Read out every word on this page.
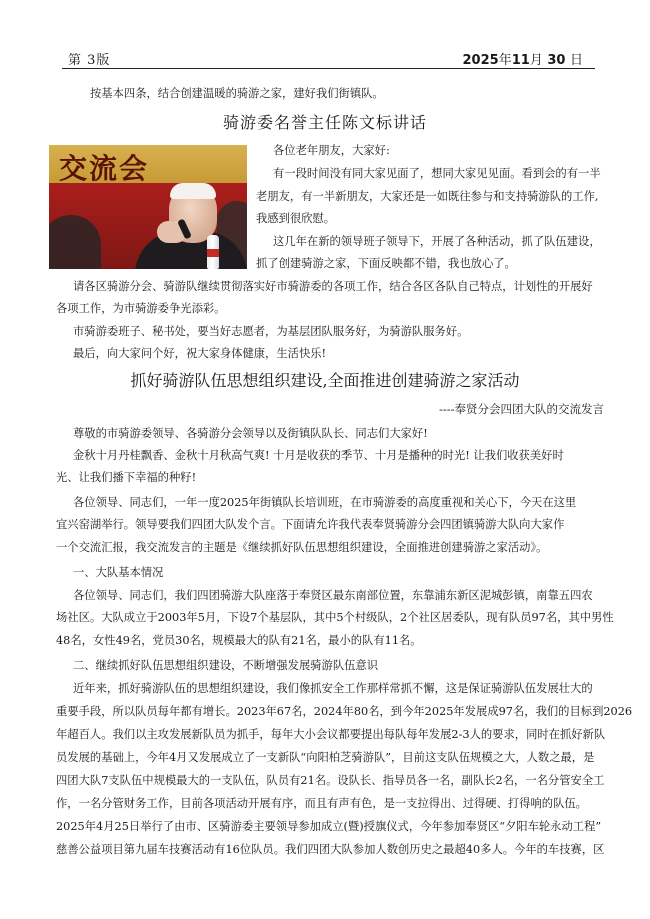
第 3版	2025年11月 30 日
按基本四条，结合创建温暖的骑游之家，建好我们街镇队。
骑游委名誉主任陈文标讲话
交流会
各位老年朋友，大家好:
有一段时间没有同大家见面了，想同大家见见面。看到会的有一半
老朋友，有一半新朋友，大家还是一如既往参与和支持骑游队的工作,
我感到很欣慰。
这几年在新的领导班子领导下，开展了各种活动，抓了队伍建设，
抓了创建骑游之家，下面反映都不错，我也放心了。
请各区骑游分会、骑游队继续贯彻落实好市骑游委的各项工作，结合各区各队自己特点，计划性的开展好
各项工作，为市骑游委争光添彩。
市骑游委班子、秘书处，要当好志愿者，为基层团队服务好，为骑游队服务好。
最后，向大家问个好，祝大家身体健康，生活快乐!
抓好骑游队伍思想组织建设,全面推进创建骑游之家活动
----奉贤分会四团大队的交流发言
尊敬的市骑游委领导、各骑游分会领导以及街镇队队长、同志们大家好!
金秋十月丹桂飘香、金秋十月秋高气爽! 十月是收获的季节、十月是播种的时光! 让我们收获美好时
光、让我们播下幸福的种籽!
各位领导、同志们，一年一度2025年街镇队长培训班，在市骑游委的高度重视和关心下，今天在这里
宜兴窑湖举行。领导要我们四团大队发个言。下面请允许我代表奉贤骑游分会四团镇骑游大队向大家作
一个交流汇报，我交流发言的主题是《继续抓好队伍思想组织建设，全面推进创建骑游之家活动》。
一、大队基本情况
各位领导、同志们，我们四团骑游大队座落于奉贤区最东南部位置，东靠浦东新区泥城彭镇，南靠五四农
场社区。大队成立于2003年5月，下设7个基层队，其中5个村级队，2个社区居委队，现有队员97名，其中男性
48名，女性49名，党员30名，规模最大的队有21名，最小的队有11名。
二、继续抓好队伍思想组织建设，不断增强发展骑游队伍意识
近年来，抓好骑游队伍的思想组织建设，我们像抓安全工作那样常抓不懈，这是保证骑游队伍发展壮大的
重要手段，所以队员每年都有增长。2023年67名，2024年80名，到今年2025年发展成97名，我们的目标到2026
年超百人。我们以主攻发展新队员为抓手，每年大小会议都要提出每队每年发展2-3人的要求，同时在抓好新队
员发展的基础上，今年4月又发展成立了一支新队“向阳柏芝骑游队”，目前这支队伍规模之大，人数之最，是
四团大队7支队伍中规模最大的一支队伍，队员有21名。设队长、指导员各一名，副队长2名，一名分管安全工
作，一名分管财务工作，目前各项活动开展有序，而且有声有色，是一支拉得出、过得硬、打得响的队伍。
2025年4月25日举行了由市、区骑游委主要领导参加成立(暨)授旗仪式，今年参加奉贤区“夕阳车轮永动工程”
慈善公益项目第九届车技赛活动有16位队员。我们四团大队参加人数创历史之最超40多人。今年的车技赛，区
